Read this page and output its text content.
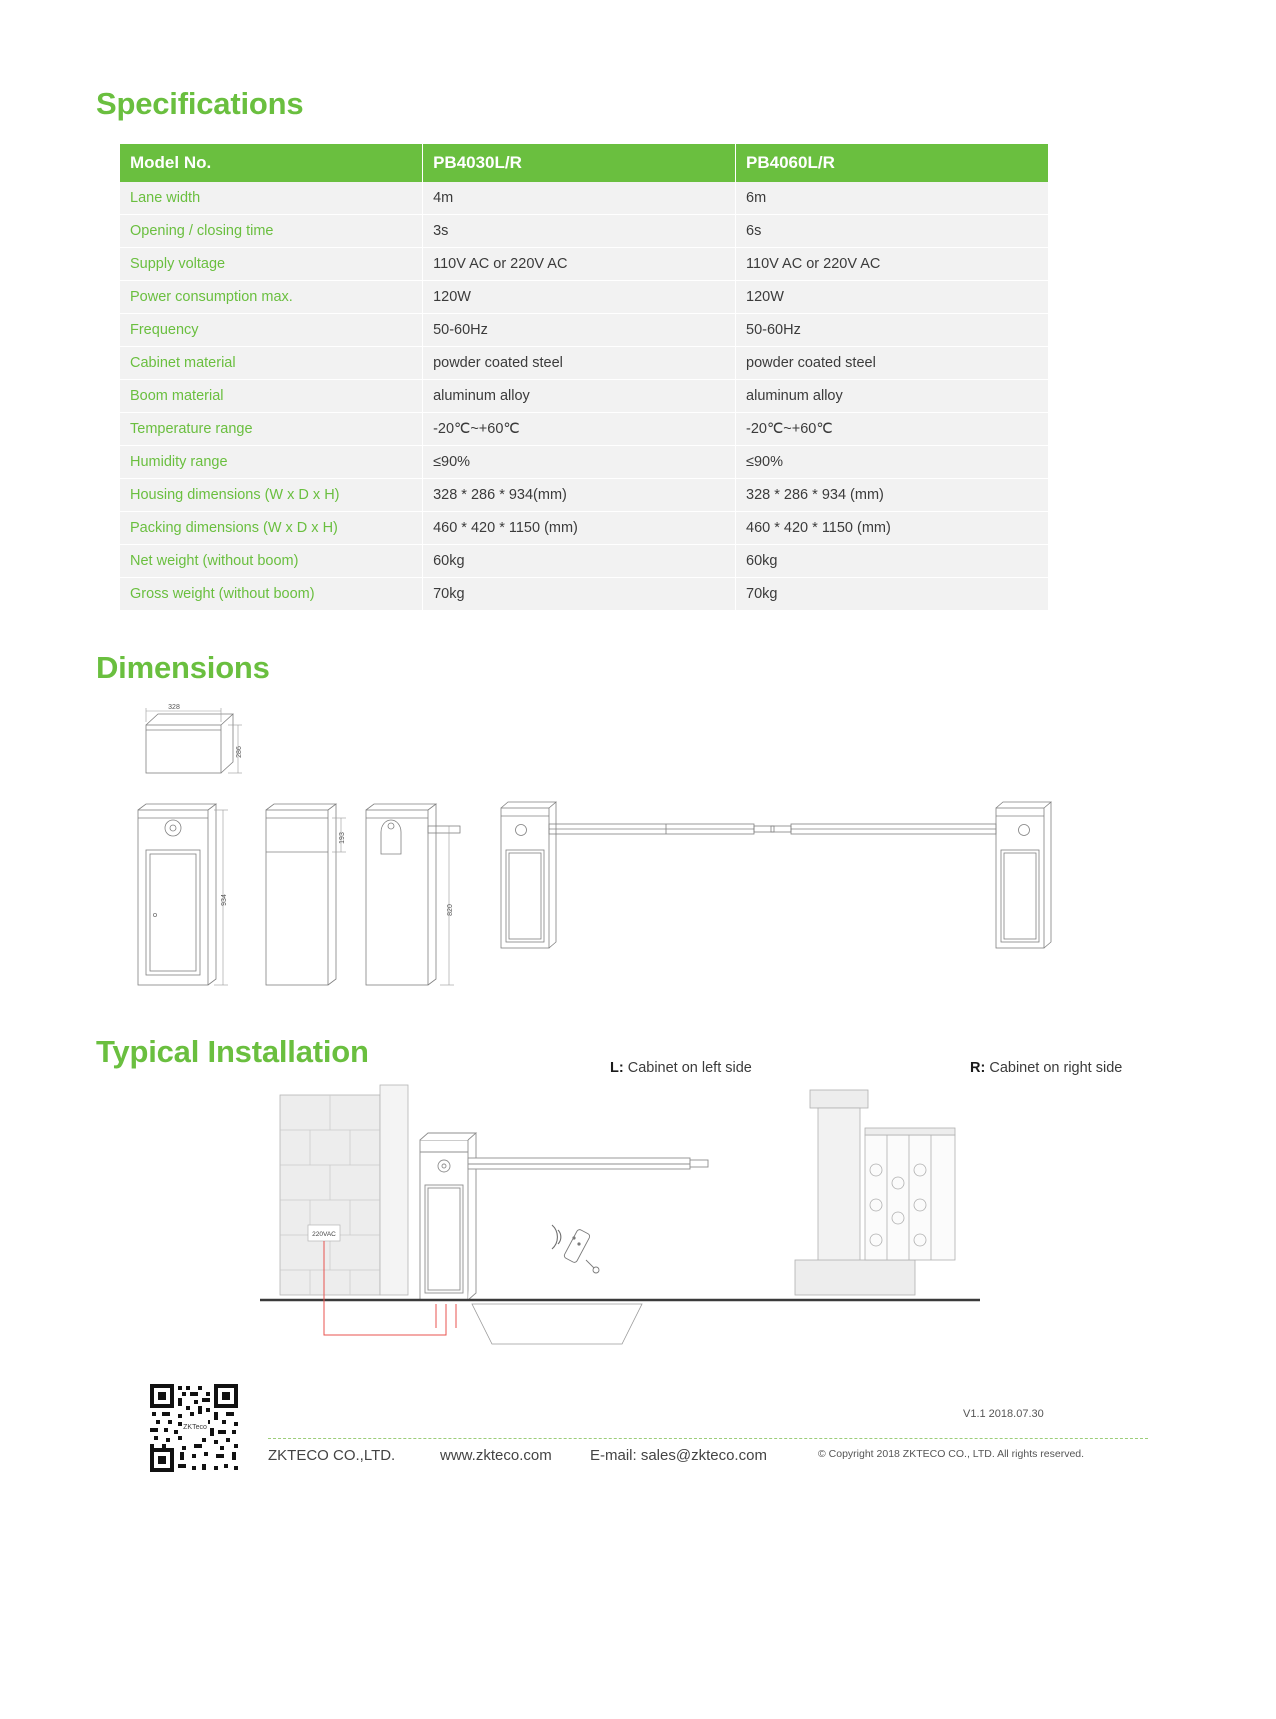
Specifications
Model No.	PB4030L/R	PB4060L/R
Lane width	4m	6m
Opening / closing time	3s	6s
Supply voltage	110V AC or 220V AC	110V AC or 220V AC
Power consumption max.	120W	120W
Frequency	50-60Hz	50-60Hz
Cabinet material	powder coated steel	powder coated steel
Boom material	aluminum alloy	aluminum alloy
Temperature range	-20℃~+60℃	-20℃~+60℃
Humidity range	≤90%	≤90%
Housing dimensions (W x D x H)	328 * 286 * 934(mm)	328 * 286 * 934 (mm)
Packing dimensions (W x D x H)	460 * 420 * 1150 (mm)	460 * 420 * 1150 (mm)
Net weight (without boom)	60kg	60kg
Gross weight (without boom)	70kg	70kg
Dimensions
328
286
934
193
820
L: Cabinet on left side	R: Cabinet on right side
Typical Installation
220VAC
ZKTeco
ZKTECO CO.,LTD.	www.zkteco.com	E-mail: sales@zkteco.com
V1.1 2018.07.30
© Copyright 2018 ZKTECO CO., LTD. All rights reserved.
